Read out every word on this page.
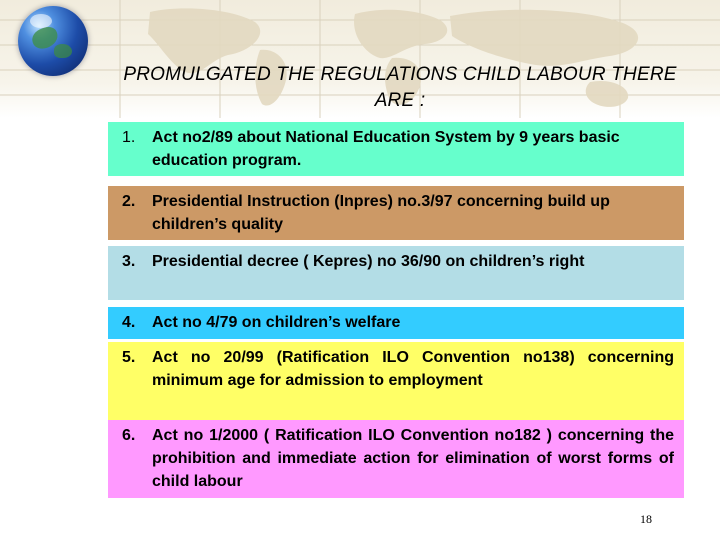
PROMULGATED THE REGULATIONS CHILD LABOUR THERE ARE :
1. Act no2/89 about National Education System by 9 years basic education program.
2. Presidential Instruction (Inpres) no.3/97 concerning build up children’s quality
3. Presidential decree ( Kepres) no 36/90 on children’s right
4. Act no 4/79 on children’s welfare
5. Act no 20/99 (Ratification ILO Convention no138) concerning minimum age for admission to employment
6. Act no 1/2000 ( Ratification ILO Convention no182 ) concerning the prohibition and immediate action for elimination of worst forms of child labour
18
